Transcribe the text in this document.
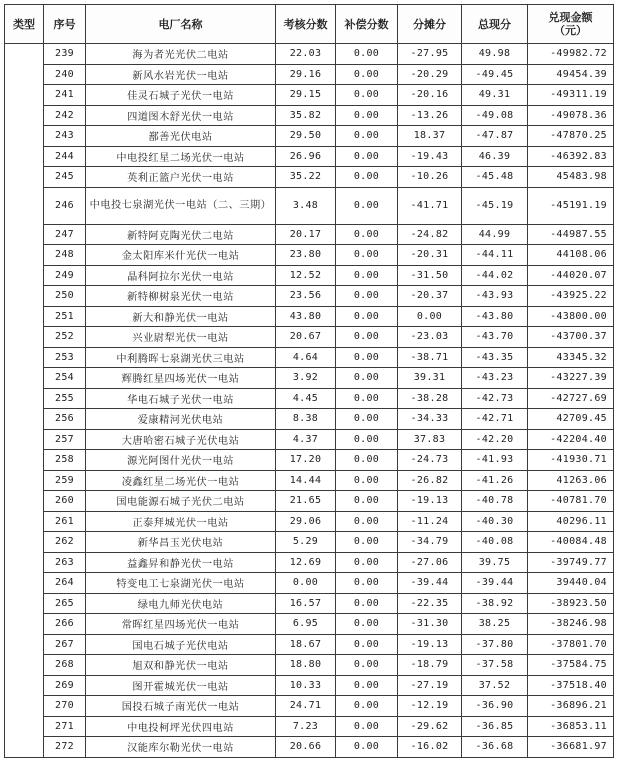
类型	序号	电厂名称	考核分数	补偿分数	分摊分	总现分	兑现金额
（元）
	239	海为者光光伏二电站	22.03	0.00	-27.95	49.98	-49982.72
	240	新风水岩光伏一电站	29.16	0.00	-20.29	-49.45	49454.39
	241	佳灵石城子光伏一电站	29.15	0.00	-20.16	49.31	-49311.19
	242	四道图木舒光伏一电站	35.82	0.00	-13.26	-49.08	-49078.36
	243	鄯善光伏电站	29.50	0.00	18.37	-47.87	-47870.25
	244	中电投红星二场光伏一电站	26.96	0.00	-19.43	46.39	-46392.83
	245	英利正篮户光伏一电站	35.22	0.00	-10.26	-45.48	45483.98
	246	中电投七泉湖光伏一电站（二、三期）	3.48	0.00	-41.71	-45.19	-45191.19
	247	新特阿克陶光伏二电站	20.17	0.00	-24.82	44.99	-44987.55
	248	金太阳库米什光伏一电站	23.80	0.00	-20.31	-44.11	44108.06
	249	晶科阿拉尔光伏一电站	12.52	0.00	-31.50	-44.02	-44020.07
	250	新特柳树泉光伏一电站	23.56	0.00	-20.37	-43.93	-43925.22
	251	新大和静光伏一电站	43.80	0.00	0.00	-43.80	-43800.00
	252	兴业尉犁光伏一电站	20.67	0.00	-23.03	-43.70	-43700.37
	253	中利腾晖七泉湖光伏三电站	4.64	0.00	-38.71	-43.35	43345.32
	254	辉腾红星四场光伏一电站	3.92	0.00	39.31	-43.23	-43227.39
	255	华电石城子光伏一电站	4.45	0.00	-38.28	-42.73	-42727.69
	256	爱康精河光伏电站	8.38	0.00	-34.33	-42.71	42709.45
	257	大唐哈密石城子光伏电站	4.37	0.00	37.83	-42.20	-42204.40
	258	源光阿图什光伏一电站	17.20	0.00	-24.73	-41.93	-41930.71
	259	凌鑫红星二场光伏一电站	14.44	0.00	-26.82	-41.26	41263.06
	260	国电能源石城子光伏二电站	21.65	0.00	-19.13	-40.78	-40781.70
	261	正泰拜城光伏一电站	29.06	0.00	-11.24	-40.30	40296.11
	262	新华昌玉光伏电站	5.29	0.00	-34.79	-40.08	-40084.48
	263	益鑫昇和静光伏一电站	12.69	0.00	-27.06	39.75	-39749.77
	264	特变电工七泉湖光伏一电站	0.00	0.00	-39.44	-39.44	39440.04
	265	绿电九师光伏电站	16.57	0.00	-22.35	-38.92	-38923.50
	266	常晖红星四场光伏一电站	6.95	0.00	-31.30	38.25	-38246.98
	267	国电石城子光伏电站	18.67	0.00	-19.13	-37.80	-37801.70
	268	旭双和静光伏一电站	18.80	0.00	-18.79	-37.58	-37584.75
	269	图开霍城光伏一电站	10.33	0.00	-27.19	37.52	-37518.40
	270	国投石城子南光伏一电站	24.71	0.00	-12.19	-36.90	-36896.21
	271	中电投柯坪光伏四电站	7.23	0.00	-29.62	-36.85	-36853.11
	272	汉能库尔勒光伏一电站	20.66	0.00	-16.02	-36.68	-36681.97
